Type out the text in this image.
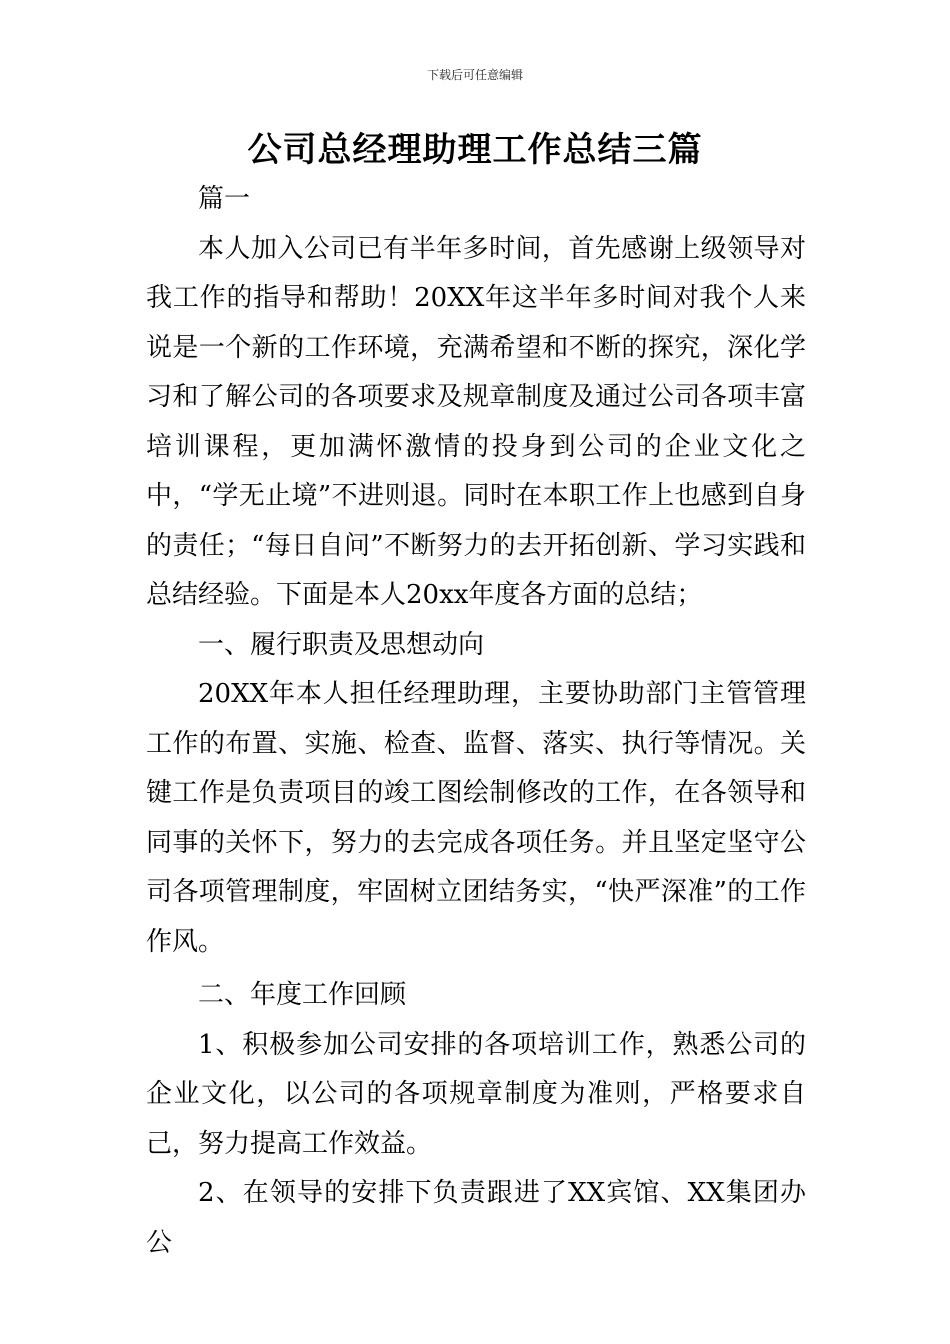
下载后可任意编辑
公司总经理助理工作总结三篇

篇一

本人加入公司已有半年多时间，首先感谢上级领导对我工作的指导和帮助！20XX年这半年多时间对我个人来说是一个新的工作环境，充满希望和不断的探究，深化学习和了解公司的各项要求及规章制度及通过公司各项丰富培训课程，更加满怀激情的投身到公司的企业文化之中，“学无止境”不进则退。同时在本职工作上也感到自身的责任；“每日自问”不断努力的去开拓创新、学习实践和总结经验。下面是本人20xx年度各方面的总结；

一、履行职责及思想动向

20XX年本人担任经理助理，主要协助部门主管管理工作的布置、实施、检查、监督、落实、执行等情况。关键工作是负责项目的竣工图绘制修改的工作，在各领导和同事的关怀下，努力的去完成各项任务。并且坚定坚守公司各项管理制度，牢固树立团结务实，“快严深准”的工作作风。

二、年度工作回顾

1、积极参加公司安排的各项培训工作，熟悉公司的企业文化，以公司的各项规章制度为准则，严格要求自己，努力提高工作效益。

2、在领导的安排下负责跟进了XX宾馆、XX集团办公
